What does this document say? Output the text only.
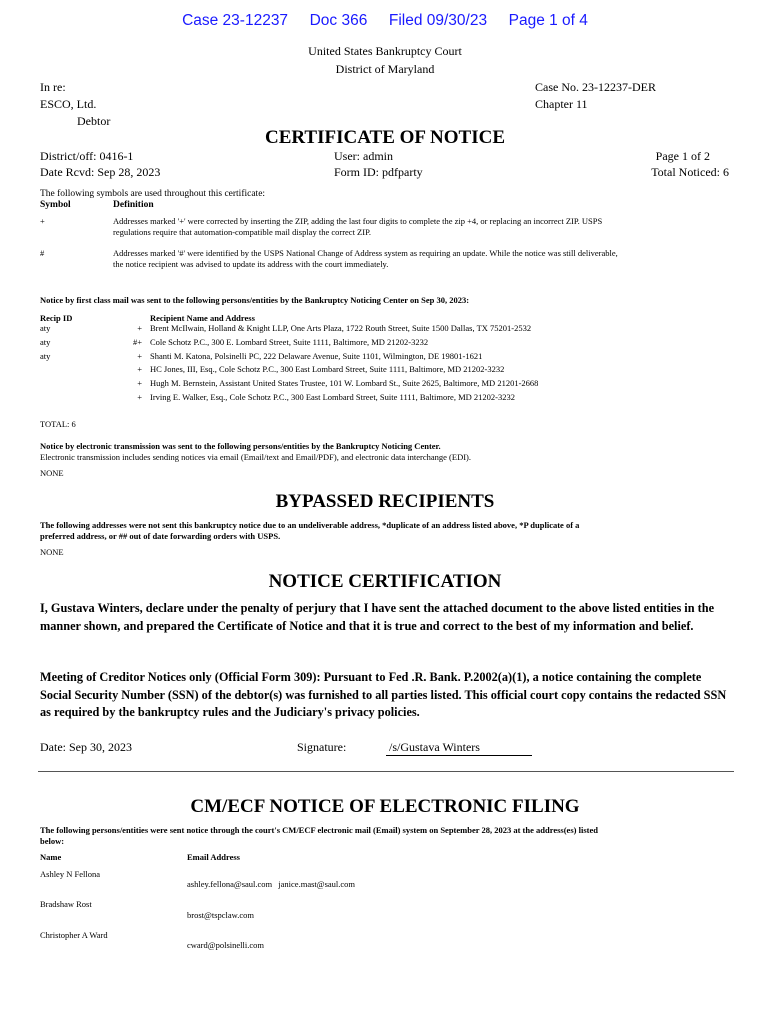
Case 23-12237     Doc 366     Filed 09/30/23     Page 1 of 4
United States Bankruptcy Court
District of Maryland
In re:
ESCO, Ltd.
Debtor
Case No. 23-12237-DER
Chapter 11
CERTIFICATE OF NOTICE
District/off: 0416-1
Date Rcvd: Sep 28, 2023
User: admin
Form ID: pdfparty
Page 1 of 2
Total Noticed: 6
The following symbols are used throughout this certificate:
Symbol	Definition
+	Addresses marked '+' were corrected by inserting the ZIP, adding the last four digits to complete the zip +4, or replacing an incorrect ZIP. USPS
regulations require that automation-compatible mail display the correct ZIP.
#	Addresses marked '#' were identified by the USPS National Change of Address system as requiring an update. While the notice was still deliverable,
the notice recipient was advised to update its address with the court immediately.
Notice by first class mail was sent to the following persons/entities by the Bankruptcy Noticing Center on Sep 30, 2023:
Recip ID	Recipient Name and Address
aty	+ Brent McIlwain, Holland & Knight LLP, One Arts Plaza, 1722 Routh Street, Suite 1500 Dallas, TX 75201-2532
aty	#+ Cole Schotz P.C., 300 E. Lombard Street, Suite 1111, Baltimore, MD 21202-3232
aty	+ Shanti M. Katona, Polsinelli PC, 222 Delaware Avenue, Suite 1101, Wilmington, DE 19801-1621
+ HC Jones, III, Esq., Cole Schotz P.C., 300 East Lombard Street, Suite 1111, Baltimore, MD 21202-3232
+ Hugh M. Bernstein, Assistant United States Trustee, 101 W. Lombard St., Suite 2625, Baltimore, MD 21201-2668
+ Irving E. Walker, Esq., Cole Schotz P.C., 300 East Lombard Street, Suite 1111, Baltimore, MD 21202-3232
TOTAL: 6
Notice by electronic transmission was sent to the following persons/entities by the Bankruptcy Noticing Center.
Electronic transmission includes sending notices via email (Email/text and Email/PDF), and electronic data interchange (EDI).
NONE
BYPASSED RECIPIENTS
The following addresses were not sent this bankruptcy notice due to an undeliverable address, *duplicate of an address listed above, *P duplicate of a
preferred address, or ## out of date forwarding orders with USPS.
NONE
NOTICE CERTIFICATION
I, Gustava Winters, declare under the penalty of perjury that I have sent the attached document to the above listed entities in the manner shown, and prepared the Certificate of Notice and that it is true and correct to the best of my information and belief.
Meeting of Creditor Notices only (Official Form 309): Pursuant to Fed .R. Bank. P.2002(a)(1), a notice containing the complete Social Security Number (SSN) of the debtor(s) was furnished to all parties listed. This official court copy contains the redacted SSN as required by the bankruptcy rules and the Judiciary's privacy policies.
Date: Sep 30, 2023	Signature:	/s/Gustava Winters
CM/ECF NOTICE OF ELECTRONIC FILING
The following persons/entities were sent notice through the court's CM/ECF electronic mail (Email) system on September 28, 2023 at the address(es) listed
below:
Name	Email Address
Ashley N Fellona
ashley.fellona@saul.com janice.mast@saul.com
Bradshaw Rost
brost@tspclaw.com
Christopher A Ward
cward@polsinelli.com
